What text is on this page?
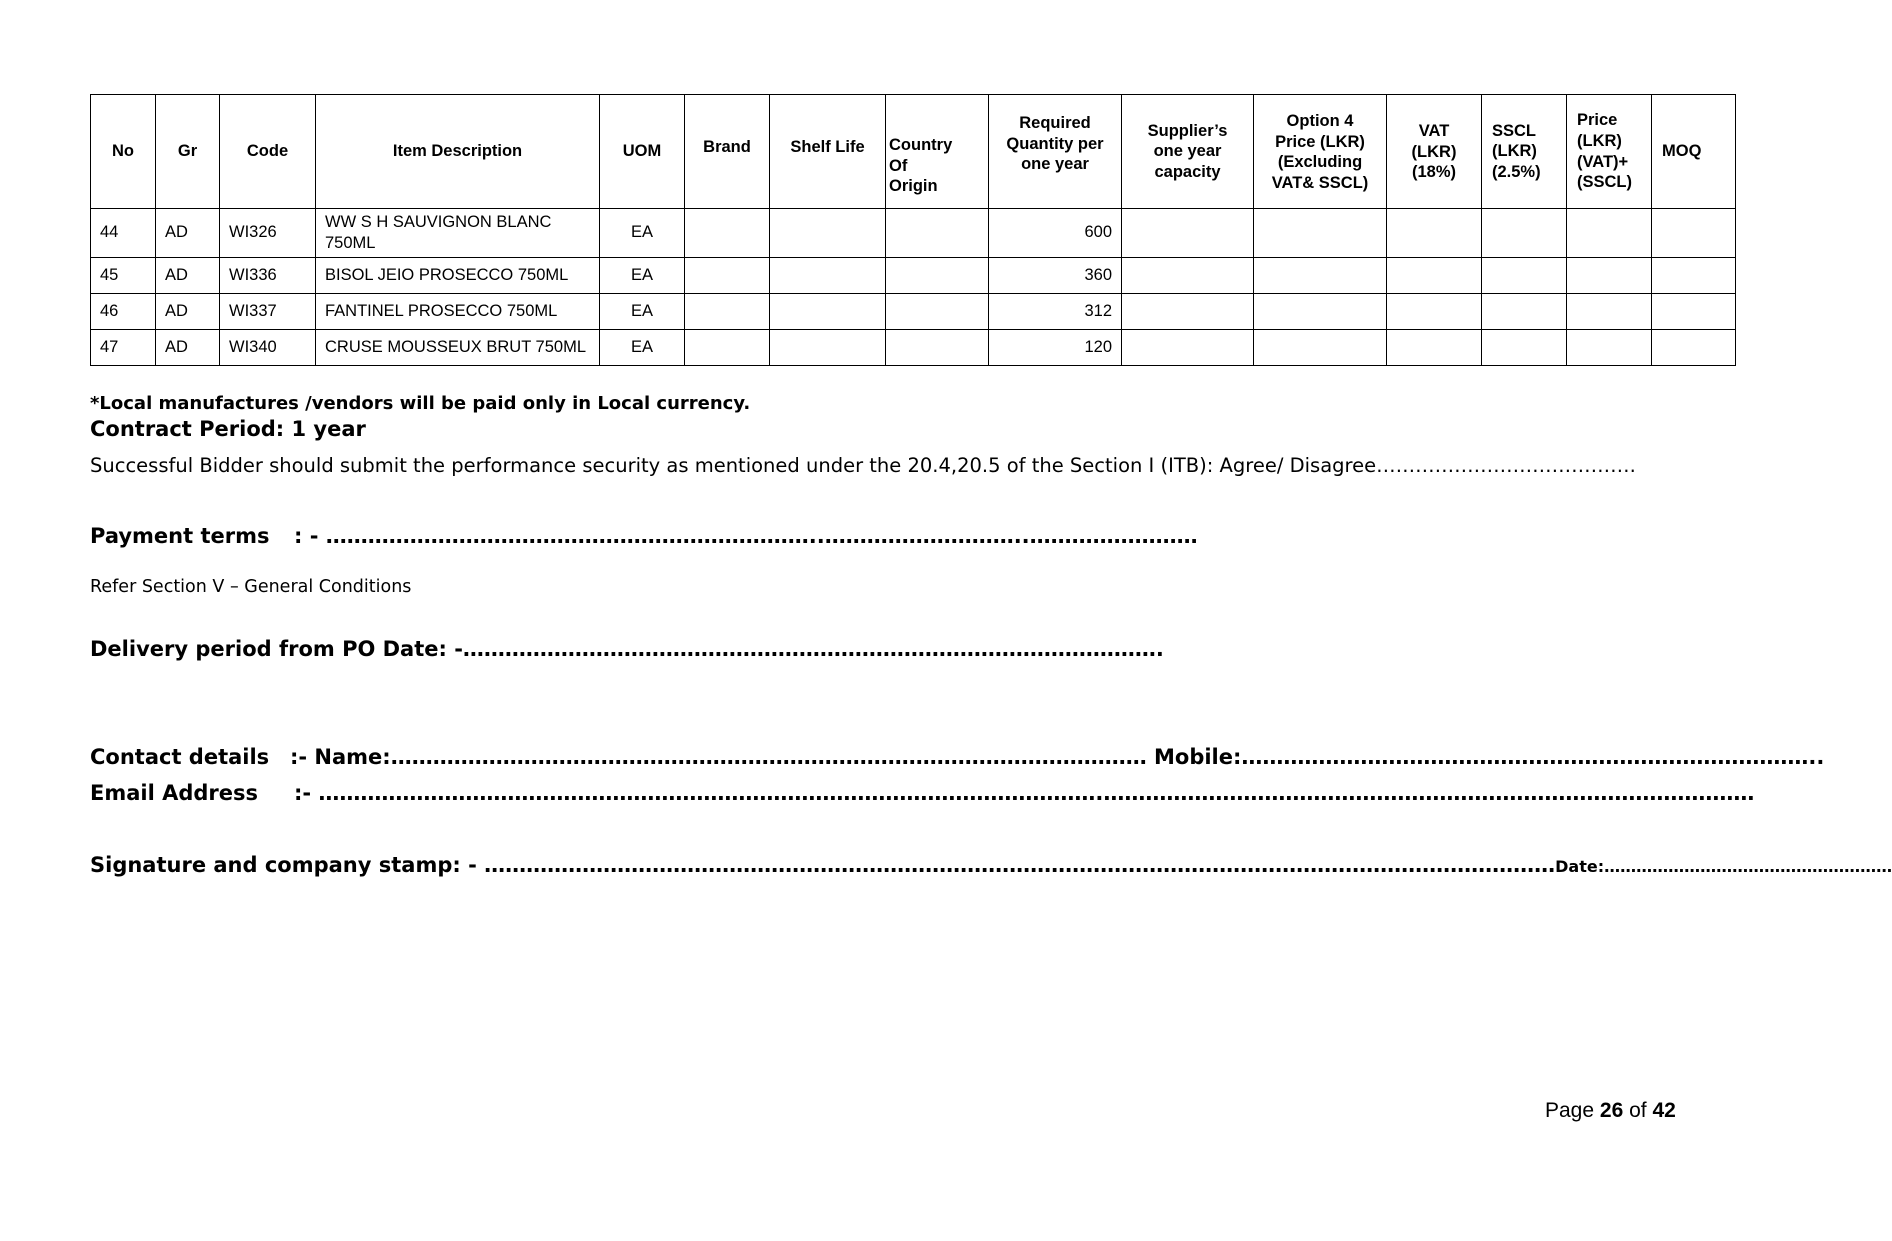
No	Gr	Code	Item Description	UOM	Brand	Shelf Life	Country
Of
Origin	Required
Quantity per
one year	Supplier’s
one year
capacity	Option 4
Price (LKR)
(Excluding
VAT& SSCL)	VAT
(LKR)
(18%)	SSCL
(LKR)
(2.5%)	Price
(LKR)
(VAT)+
(SSCL)	MOQ
44	AD	WI326	WW S H SAUVIGNON BLANC 750ML	EA				600						
45	AD	WI336	BISOL JEIO PROSECCO 750ML	EA				360						
46	AD	WI337	FANTINEL PROSECCO 750ML	EA				312						
47	AD	WI340	CRUSE MOUSSEUX BRUT 750ML	EA				120						
*Local manufactures /vendors will be paid only in Local currency.
Contract Period: 1 year
Successful Bidder should submit the performance security as mentioned under the 20.4,20.5 of the Section I (ITB): Agree/ Disagree………………………………….
Payment terms : - ……………………………………………………………..………………………..……………………
Refer Section V – General Conditions
Delivery period from PO Date: -……………………………………………………………………………………….
Contact details :- Name:……………………………………………………………………………………………… Mobile:………………………………………………………………………..
Email Address :- ………………………………………………………………………………………………….…………………………………………………………………………………
Signature and company stamp: - ………………………………………………………………………………………………………………………………………Date:………………………………………………
Page 26 of 42
